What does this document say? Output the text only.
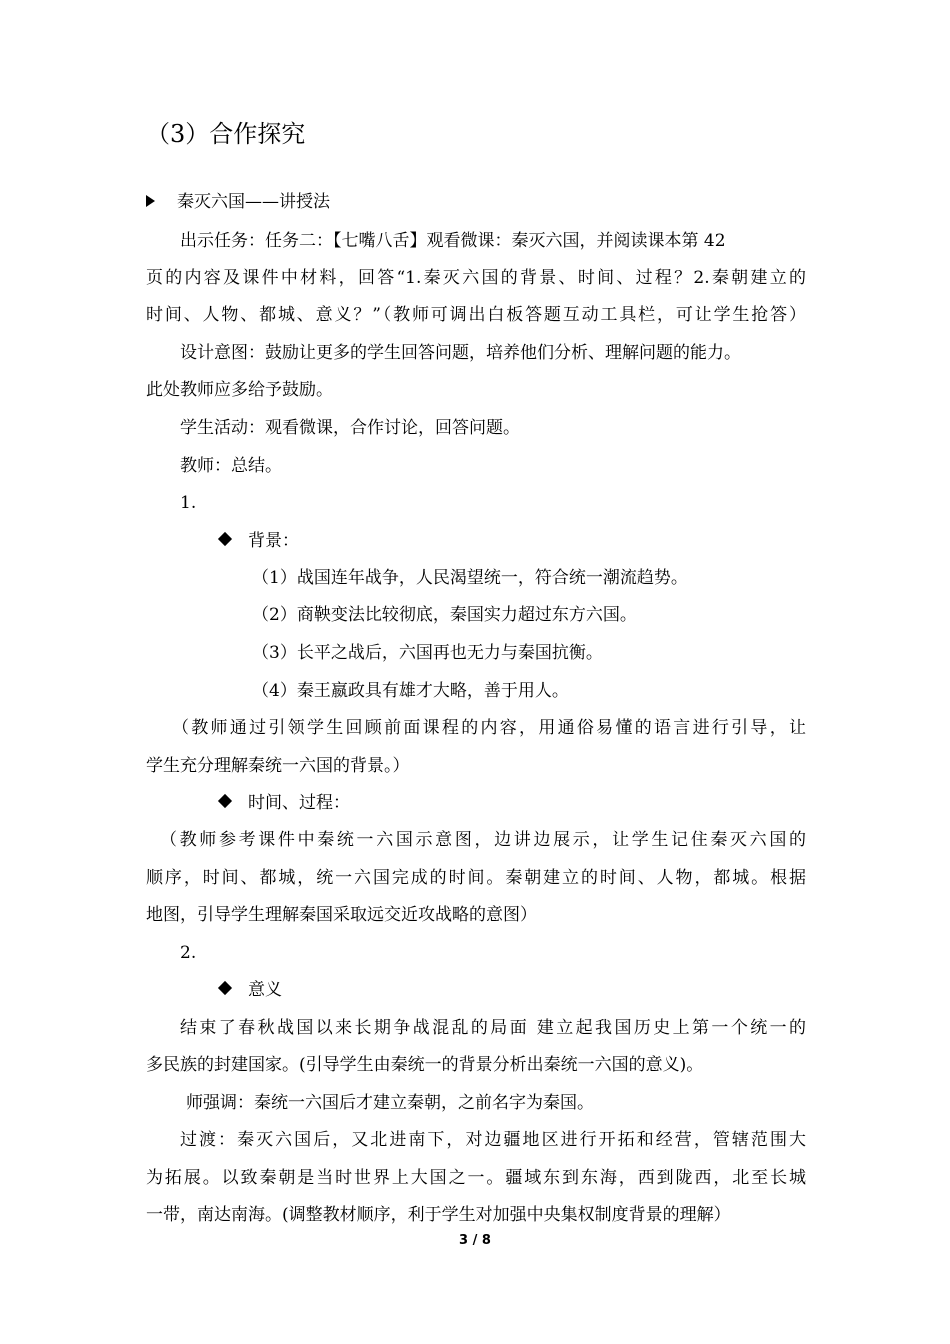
（3）合作探究
秦灭六国——讲授法
出示任务：任务二：【七嘴八舌】观看微课：秦灭六国，并阅读课本第 42
页的内容及课件中材料，回答“1.秦灭六国的背景、时间、过程？2.秦朝建立的
时间、人物、都城、意义？”（教师可调出白板答题互动工具栏，可让学生抢答）
设计意图：鼓励让更多的学生回答问题，培养他们分析、理解问题的能力。
此处教师应多给予鼓励。
学生活动：观看微课，合作讨论，回答问题。
教师：总结。
1.
背景：
（1）战国连年战争，人民渴望统一，符合统一潮流趋势。
（2）商鞅变法比较彻底，秦国实力超过东方六国。
（3）长平之战后，六国再也无力与秦国抗衡。
（4）秦王嬴政具有雄才大略，善于用人。
（教师通过引领学生回顾前面课程的内容，用通俗易懂的语言进行引导，让
学生充分理解秦统一六国的背景。）
时间、过程：
（教师参考课件中秦统一六国示意图，边讲边展示，让学生记住秦灭六国的
顺序，时间、都城，统一六国完成的时间。秦朝建立的时间、人物，都城。根据
地图，引导学生理解秦国采取远交近攻战略的意图）
2.
意义
结束了春秋战国以来长期争战混乱的局面 建立起我国历史上第一个统一的
多民族的封建国家。(引导学生由秦统一的背景分析出秦统一六国的意义)。
师强调：秦统一六国后才建立秦朝，之前名字为秦国。
过渡：秦灭六国后，又北进南下，对边疆地区进行开拓和经营，管辖范围大
为拓展。以致秦朝是当时世界上大国之一。疆域东到东海，西到陇西，北至长城
一带，南达南海。(调整教材顺序，利于学生对加强中央集权制度背景的理解）
3 / 8
